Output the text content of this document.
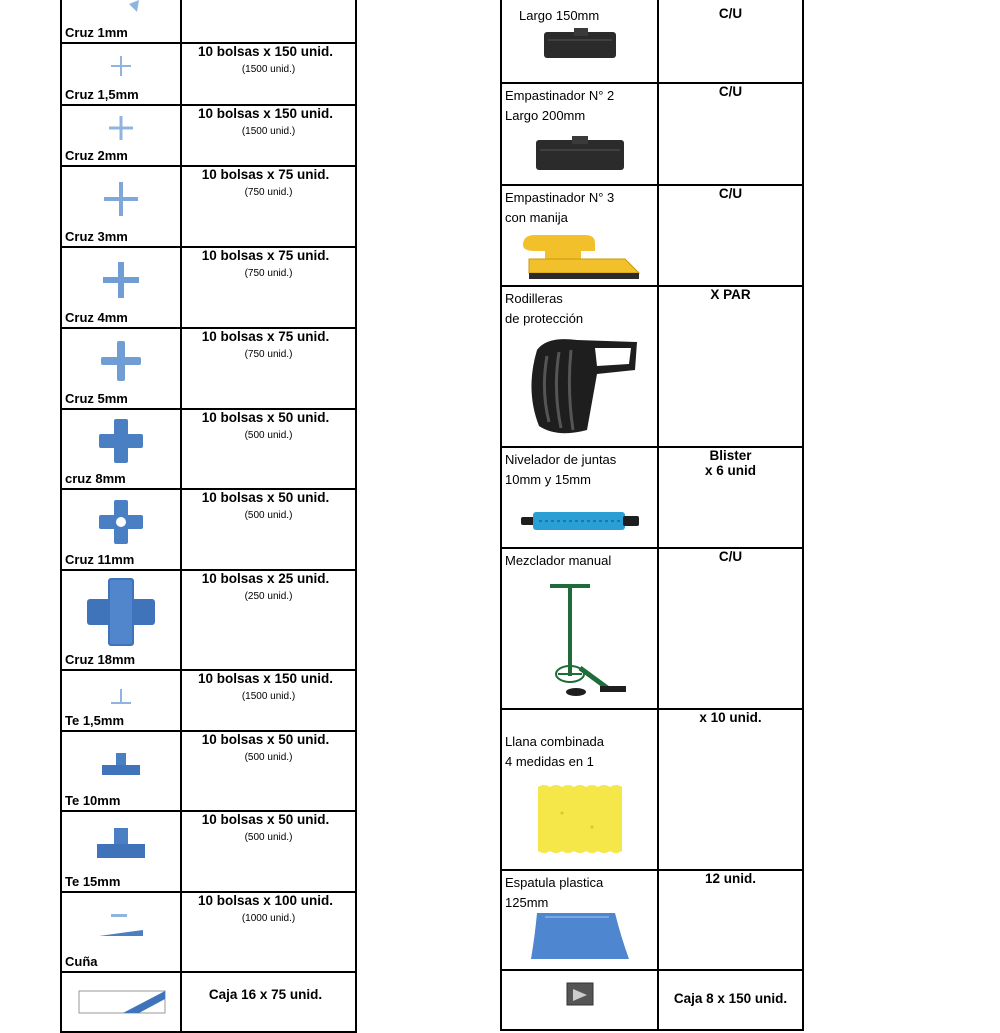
Cruz 1mm

Cruz 1,5mm	10 bolsas x 150 unid.
(1500 unid.)

Cruz 2mm	10 bolsas x 150 unid.
(1500 unid.)

Cruz 3mm	10 bolsas x 75 unid.
(750 unid.)

Cruz 4mm	10 bolsas x 75 unid.
(750 unid.)

Cruz 5mm	10 bolsas x 75 unid.
(750 unid.)

cruz 8mm	10 bolsas x 50 unid.
(500 unid.)

Cruz 11mm	10 bolsas x 50 unid.
(500 unid.)

Cruz 18mm	10 bolsas x 25 unid.
(250 unid.)

Te 1,5mm	10 bolsas x 150 unid.
(1500 unid.)

Te 10mm	10 bolsas x 50 unid.
(500 unid.)

Te 15mm	10 bolsas x 50 unid.
(500 unid.)

Cuña	10 bolsas x 100 unid.
(1000 unid.)

Caja 16 x 75 unid.
Largo 150mm	C/U

Empastinador N° 2
Largo 200mm	C/U

Empastinador N° 3
con manija	C/U

Rodilleras
de protección	X PAR

Nivelador de juntas
10mm y 15mm	Blister
x 6 unid

Mezclador manual	C/U

Llana combinada
4 medidas en 1	x 10 unid.

Espatula plastica
125mm	12 unid.

Caja 8 x 150 unid.
